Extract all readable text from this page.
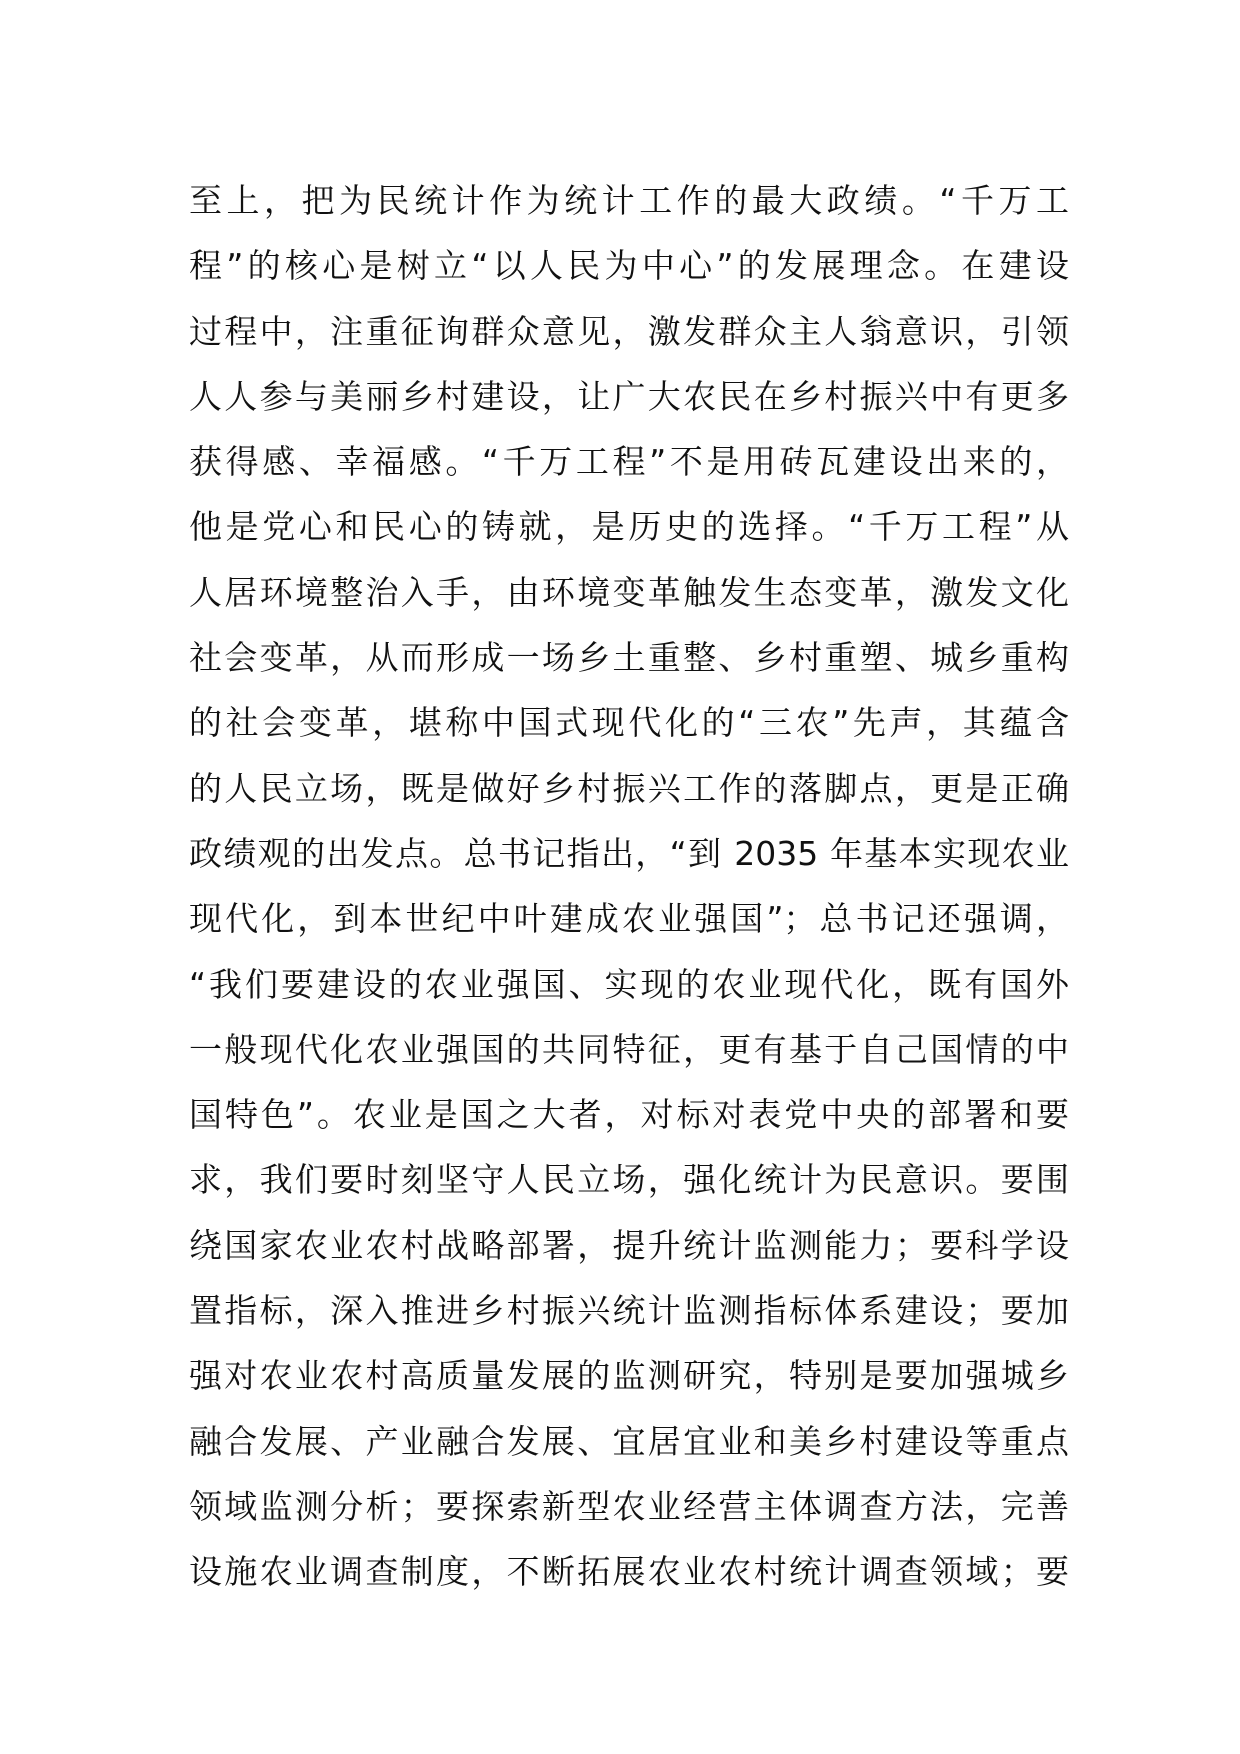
至上，把为民统计作为统计工作的最大政绩。“千万工
程”的核心是树立“以人民为中心”的发展理念。在建设
过程中，注重征询群众意见，激发群众主人翁意识，引领
人人参与美丽乡村建设，让广大农民在乡村振兴中有更多
获得感、幸福感。“千万工程”不是用砖瓦建设出来的，
他是党心和民心的铸就，是历史的选择。“千万工程”从
人居环境整治入手，由环境变革触发生态变革，激发文化
社会变革，从而形成一场乡土重整、乡村重塑、城乡重构
的社会变革，堪称中国式现代化的“三农”先声，其蕴含
的人民立场，既是做好乡村振兴工作的落脚点，更是正确
政绩观的出发点。总书记指出，“到 2035 年基本实现农业
现代化，到本世纪中叶建成农业强国”；总书记还强调，
“我们要建设的农业强国、实现的农业现代化，既有国外
一般现代化农业强国的共同特征，更有基于自己国情的中
国特色”。农业是国之大者，对标对表党中央的部署和要
求，我们要时刻坚守人民立场，强化统计为民意识。要围
绕国家农业农村战略部署，提升统计监测能力；要科学设
置指标，深入推进乡村振兴统计监测指标体系建设；要加
强对农业农村高质量发展的监测研究，特别是要加强城乡
融合发展、产业融合发展、宜居宜业和美乡村建设等重点
领域监测分析；要探索新型农业经营主体调查方法，完善
设施农业调查制度，不断拓展农业农村统计调查领域；要
